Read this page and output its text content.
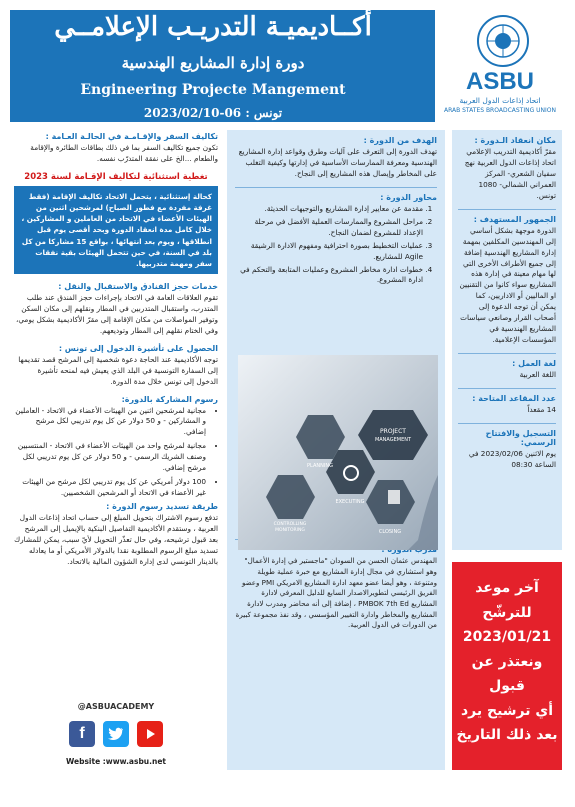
أكــاديميـة التدريـب الإعلامــي
دورة إدارة المشاريع الهندسية
Engineering Projecte Mangement
تونس : 06-2023/02/10
ASBU
اتحاد إذاعات الدول العربية
ARAB STATES BROADCASTING UNION
مكان انعقاد الـدورة :
مقرّ أكاديمية التدريب الإعلامي اتحاد إذاعات الدول العربية نهج سفيان الشعري- المركز العمراني الشمالي- 1080 تونس.
الجمهور المستهدف :
الدورة موجهة بشكل أساسي إلى المهندسين المكلفين بمهمة إدارة المشاريع الهندسية إضافة إلى جميع الأطراف الأخرى التي لها مهام معينة في إدارة هذه المشاريع سواء كانوا من التقنيين او الماليين أو الاداريين، كما يمكن أن توجه الدعوة إلى أصحاب القرار وصانعي سياسات المشاريع الهندسية في المؤسسات الإعلامية.
لغة العمل :
اللغة العربية
عدد المقاعد المتاحة :
14 مقعداً
التسجيل والافتتاح الرسمي:
يوم الاثنين 2023/02/06 في الساعة 08:30
الهدف من الدورة :
تهدف الدورة إلى التعرف على آليات وطرق وقواعد إدارة المشاريع الهندسية ومعرفة الممارسات الأساسية في إدارتها وكيفية التغلب على المخاطر وإيصال هذه المشاريع إلى النجاح.
محاور الدورة :
1. مقدمة عن معايير إدارة المشاريع والتوجيهات الحديثة.
2. مراحل المشروع والممارسات العملية الأفضل في مرحلة الإعداد للمشروع لضمان النجاح.
3. عمليات التخطيط بصورة احترافية ومفهوم الادارة الرشيقة Agile للمشاريع.
4. خطوات ادارة مخاطر المشروع وعمليات المتابعة والتحكم في ادارة المشروع.
المهندس عثمان الحسن من السودان "ماجستير في إدارة الأعمال" وهو استشاري في مجال إدارة المشاريع مع خبرة عملية طويلة ومتنوعة ، وهو أيضا عضو معهد ادارة المشاريع الامريكي PMI وعضو الفريق الرئيسي لتطويرالاصدار السابع للدليل المعرفي لادارة المشاريع PMBOK 7th Ed ، إضافة إلى أنه محاضر ومدرب لادارة المشاريع والمخاطر وادارة التغيير المؤسسي ، وقد نفذ مجموعة كبيرة من الدورات في الدول العربية.
PROJECT
MANAGEMENT
PLANNING
EXECUTING
CONTROLLING
MONITORING	CLOSING
تكاليف السفر والإقـامـة في الحالـة العـامة :
تكون جميع تكاليف السفر بما في ذلك بطاقات الطائرة والإقامة والطعام ...الخ على نفقة المتدرّب نفسه.
تغطية استثنائية لتكاليف الإقـامة لسنة 2023
كحالة إستثنائية ، يتحمل الاتحاد تكاليف الإقامة (فقط غرفة مفردة مع فطور الصباح) لمرشحين اثنين من الهيئات الأعضاء في الاتحاد من العاملين و المشاركين ، خلال كامل مدة انعقاد الدورة وبحد أقصى يوم قبل انطلاقها ، ويوم بعد انتهائها ، بواقع 15 مشاركا من كل بلد في السنة، في حين تتحمل الهيئات بقية نفقات سفر ومهمة متدربيها.
خدمات حجز الفنادق والاستقبال والنقل :
تقوم العلاقات العامة في الاتحاد بإجراءات حجز الفندق عند طلب المتدرب، واستقبال المتدربين في المطار ونقلهم إلى مكان السكن وتوفير المواصلات من مكان الإقامة إلى مقرّ الأكاديمية بشكل يومي، وفي الختام نقلهم إلى المطار وتوديعهم.
الحصول على تأشيرة الدخول إلى تونس :
توجه الأكاديمية عند الحاجة دعوة شخصية إلى المرشح قصد تقديمها إلى السفارة التونسية في البلد الذي يعيش فيه لمنحه تأشيرة الدخول إلى تونس خلال مدة الدورة.
رسوم المشاركة بالدورة:
• مجانية لمرشحين اثنين من الهيئات الأعضاء في الاتحاد - العاملين و المشاركين - و 50 دولار عن كل يوم تدريبي لكل مرشح إضافي.
• مجانية لمرشح واحد من الهيئات الأعضاء في الاتحاد - المنتسبين وصنف الشريك الرسمي - و 50 دولار عن كل يوم تدريبي لكل مرشح إضافي.
• 100 دولار أمريكي عن كل يوم تدريبي لكل مرشح من الهيئات غير الأعضاء في الاتحاد أو المرشحين الشخصيين.
طريقة تسديد رسوم الدورة :
تدفع رسوم الاشتراك بتحويل المبلغ إلى حساب اتحاد إذاعات الدول العربية ، وستقدم الأكاديمية التفاصيل البنكية بالإيميل إلى المرشح بعد قبول ترشيحه، وفي حال تعذّر التحويل لأيّ سبب، يمكن للمشارك تسديد مبلغ الرسوم المطلوبة نقدا بالدولار الأمريكي أو ما يعادله بالدينار التونسي لدى إدارة الشؤون المالية بالاتحاد.
@ASBUACADEMY
f
Website :www.asbu.net
آخر موعد
للترشّح
2023/01/21
ونعتذر عن قبول
أي ترشيح يرد
بعد ذلك التاريخ
